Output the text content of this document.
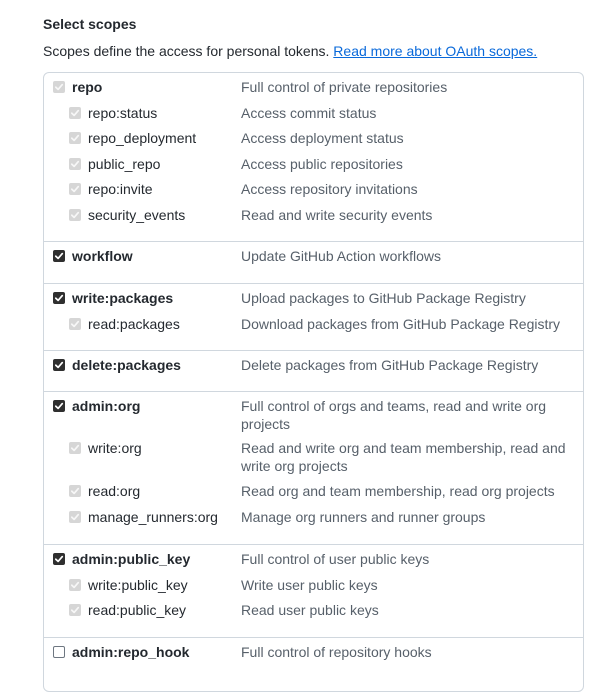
Select scopes
Scopes define the access for personal tokens. Read more about OAuth scopes.
repo	Full control of private repositories
repo:status	Access commit status
repo_deployment	Access deployment status
public_repo	Access public repositories
repo:invite	Access repository invitations
security_events	Read and write security events
workflow	Update GitHub Action workflows
write:packages	Upload packages to GitHub Package Registry
read:packages	Download packages from GitHub Package Registry
delete:packages	Delete packages from GitHub Package Registry
admin:org	Full control of orgs and teams, read and write org projects
write:org	Read and write org and team membership, read and write org projects
read:org	Read org and team membership, read org projects
manage_runners:org Manage org runners and runner groups
admin:public_key	Full control of user public keys
write:public_key	Write user public keys
read:public_key	Read user public keys
admin:repo_hook	Full control of repository hooks
